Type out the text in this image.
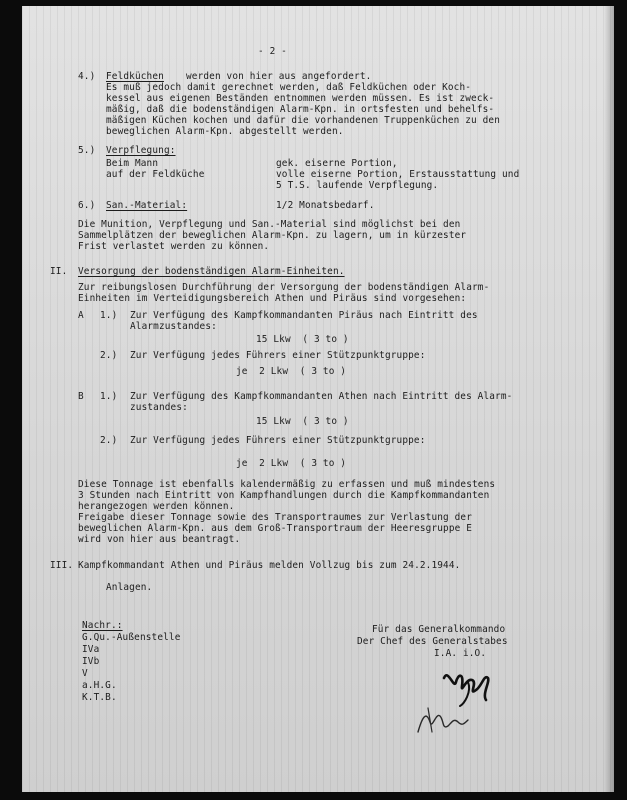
- 2 -
4.) Feldküchen werden von hier aus angefordert.
Es muß jedoch damit gerechnet werden, daß Feldküchen oder Koch-
kessel aus eigenen Beständen entnommen werden müssen. Es ist zweck-
mäßig, daß die bodenständigen Alarm-Kpn. in ortsfesten und behelfs-
mäßigen Küchen kochen und dafür die vorhandenen Truppenküchen zu den
beweglichen Alarm-Kpn. abgestellt werden.
5.) Verpflegung:
Beim Mann	gek. eiserne Portion,
auf der Feldküche	volle eiserne Portion, Erstausstattung und
5 T.S. laufende Verpflegung.
6.) San.-Material:	1/2 Monatsbedarf.
Die Munition, Verpflegung und San.-Material sind möglichst bei den
Sammelplätzen der beweglichen Alarm-Kpn. zu lagern, um in kürzester
Frist verlastet werden zu können.
II. Versorgung der bodenständigen Alarm-Einheiten.
Zur reibungslosen Durchführung der Versorgung der bodenständigen Alarm-
Einheiten im Verteidigungsbereich Athen und Piräus sind vorgesehen:
A 1.) Zur Verfügung des Kampfkommandanten Piräus nach Eintritt des
Alarmzustandes:
15 Lkw  ( 3 to )
2.) Zur Verfügung jedes Führers einer Stützpunktgruppe:
je  2 Lkw  ( 3 to )
B 1.) Zur Verfügung des Kampfkommandanten Athen nach Eintritt des Alarm-
zustandes:
15 Lkw  ( 3 to )
2.) Zur Verfügung jedes Führers einer Stützpunktgruppe:
je  2 Lkw  ( 3 to )
Diese Tonnage ist ebenfalls kalendermäßig zu erfassen und muß mindestens
3 Stunden nach Eintritt von Kampfhandlungen durch die Kampfkommandanten
herangezogen werden können.
Freigabe dieser Tonnage sowie des Transportraumes zur Verlastung der
beweglichen Alarm-Kpn. aus dem Groß-Transportraum der Heeresgruppe E
wird von hier aus beantragt.
III. Kampfkommandant Athen und Piräus melden Vollzug bis zum 24.2.1944.
Anlagen.
Nachr.:
G.Qu.-Außenstelle
IVa
IVb
V
a.H.G.
K.T.B.
Für das Generalkommando
Der Chef des Generalstabes
I.A. i.O.
